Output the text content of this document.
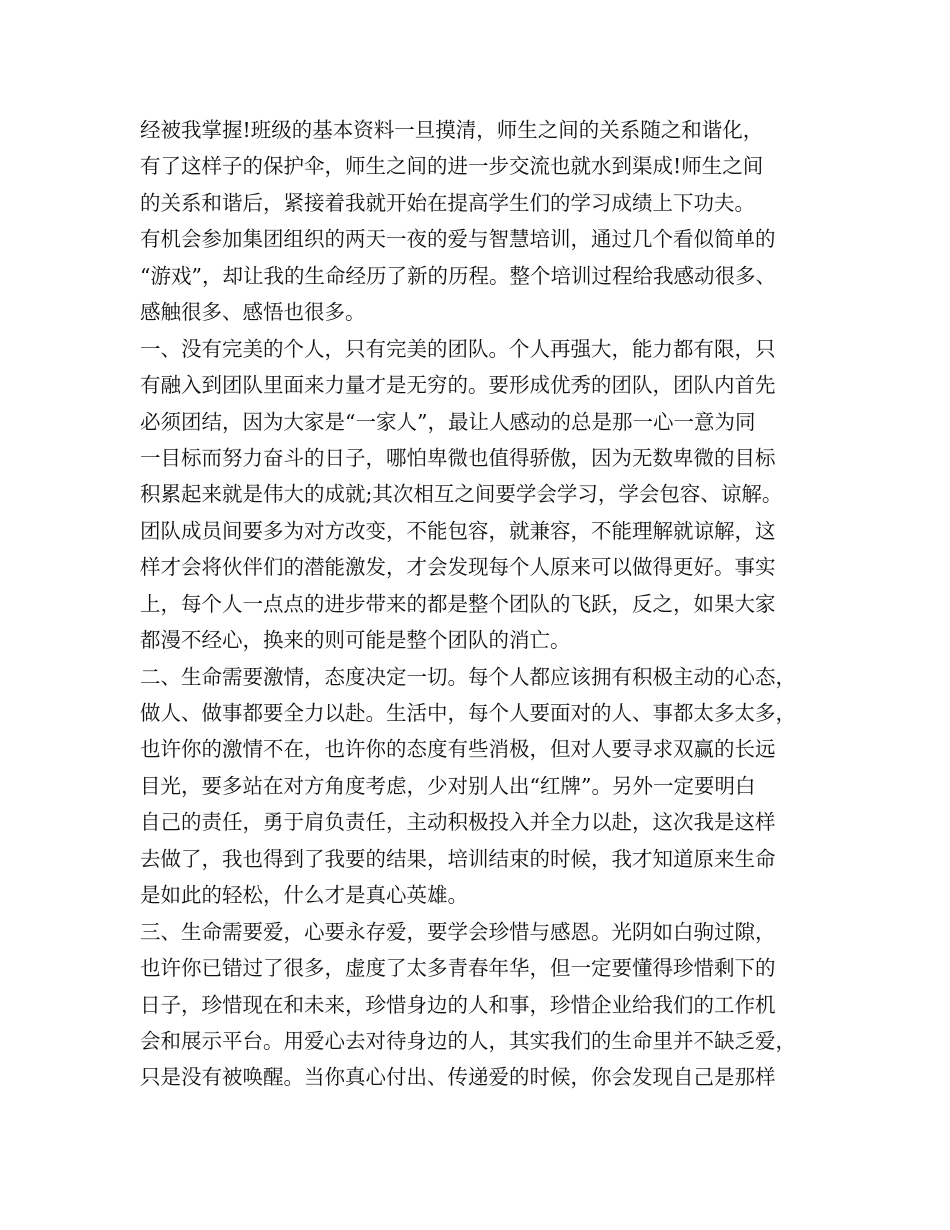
经被我掌握!班级的基本资料一旦摸清，师生之间的关系随之和谐化，
有了这样子的保护伞，师生之间的进一步交流也就水到渠成!师生之间
的关系和谐后，紧接着我就开始在提高学生们的学习成绩上下功夫。
有机会参加集团组织的两天一夜的爱与智慧培训，通过几个看似简单的
“游戏”，却让我的生命经历了新的历程。整个培训过程给我感动很多、
感触很多、感悟也很多。
一、没有完美的个人，只有完美的团队。个人再强大，能力都有限，只
有融入到团队里面来力量才是无穷的。要形成优秀的团队，团队内首先
必须团结，因为大家是“一家人”，最让人感动的总是那一心一意为同
一目标而努力奋斗的日子，哪怕卑微也值得骄傲，因为无数卑微的目标
积累起来就是伟大的成就;其次相互之间要学会学习，学会包容、谅解。
团队成员间要多为对方改变，不能包容，就兼容，不能理解就谅解，这
样才会将伙伴们的潜能激发，才会发现每个人原来可以做得更好。事实
上，每个人一点点的进步带来的都是整个团队的飞跃，反之，如果大家
都漫不经心，换来的则可能是整个团队的消亡。
二、生命需要激情，态度决定一切。每个人都应该拥有积极主动的心态，
做人、做事都要全力以赴。生活中，每个人要面对的人、事都太多太多，
也许你的激情不在，也许你的态度有些消极，但对人要寻求双赢的长远
目光，要多站在对方角度考虑，少对别人出“红牌”。另外一定要明白
自己的责任，勇于肩负责任，主动积极投入并全力以赴，这次我是这样
去做了，我也得到了我要的结果，培训结束的时候，我才知道原来生命
是如此的轻松，什么才是真心英雄。
三、生命需要爱，心要永存爱，要学会珍惜与感恩。光阴如白驹过隙，
也许你已错过了很多，虚度了太多青春年华，但一定要懂得珍惜剩下的
日子，珍惜现在和未来，珍惜身边的人和事，珍惜企业给我们的工作机
会和展示平台。用爱心去对待身边的人，其实我们的生命里并不缺乏爱，
只是没有被唤醒。当你真心付出、传递爱的时候，你会发现自己是那样
